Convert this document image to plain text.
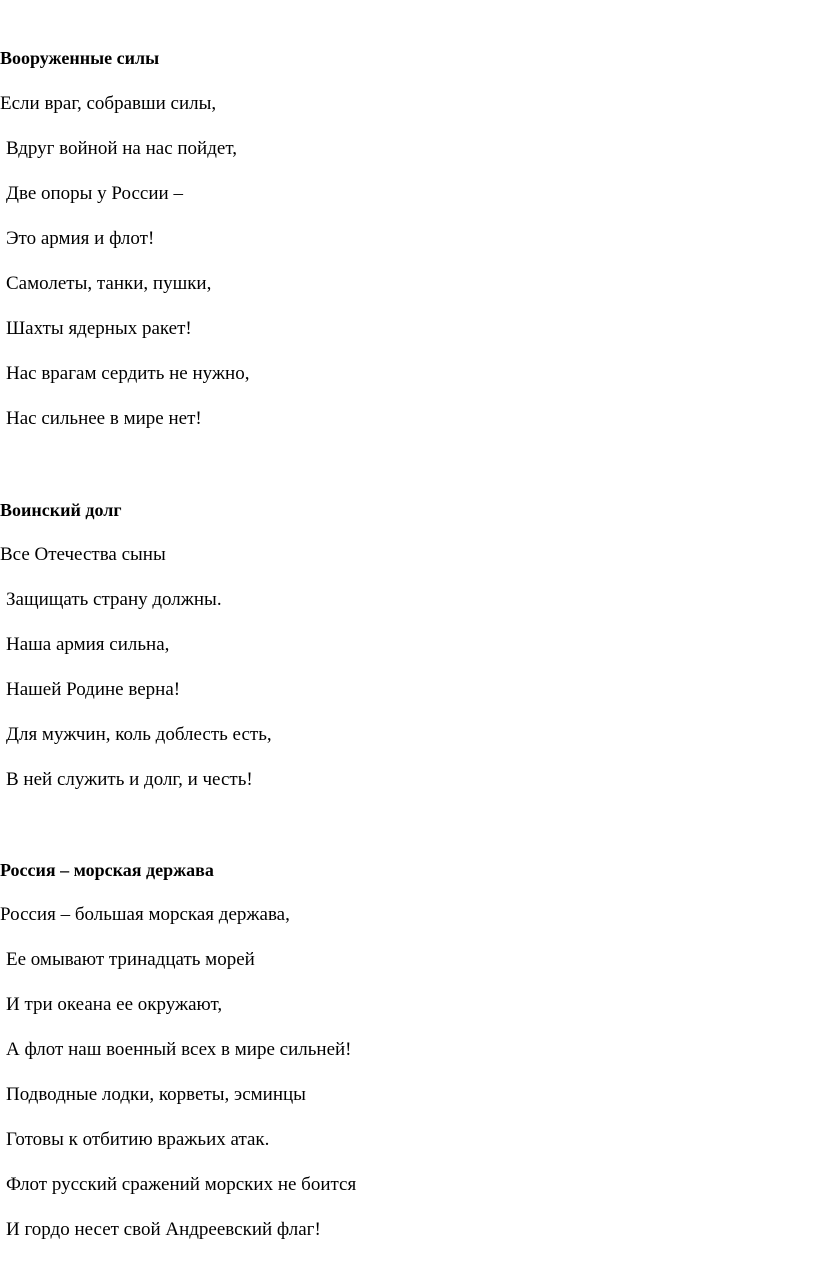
Вооруженные силы
Если враг, собравши силы,
Вдруг войной на нас пойдет,
Две опоры у России –
Это армия и флот!
Самолеты, танки, пушки,
Шахты ядерных ракет!
Нас врагам сердить не нужно,
Нас сильнее в мире нет!
Воинский долг
Все Отечества сыны
Защищать страну должны.
Наша армия сильна,
Нашей Родине верна!
Для мужчин, коль доблесть есть,
В ней служить и долг, и честь!
Россия – морская держава
Россия – большая морская держава,
Ее омывают тринадцать морей
И три океана ее окружают,
А флот наш военный всех в мире сильней!
Подводные лодки, корветы, эсминцы
Готовы к отбитию вражьих атак.
Флот русский сражений морских не боится
И гордо несет свой Андреевский флаг!
